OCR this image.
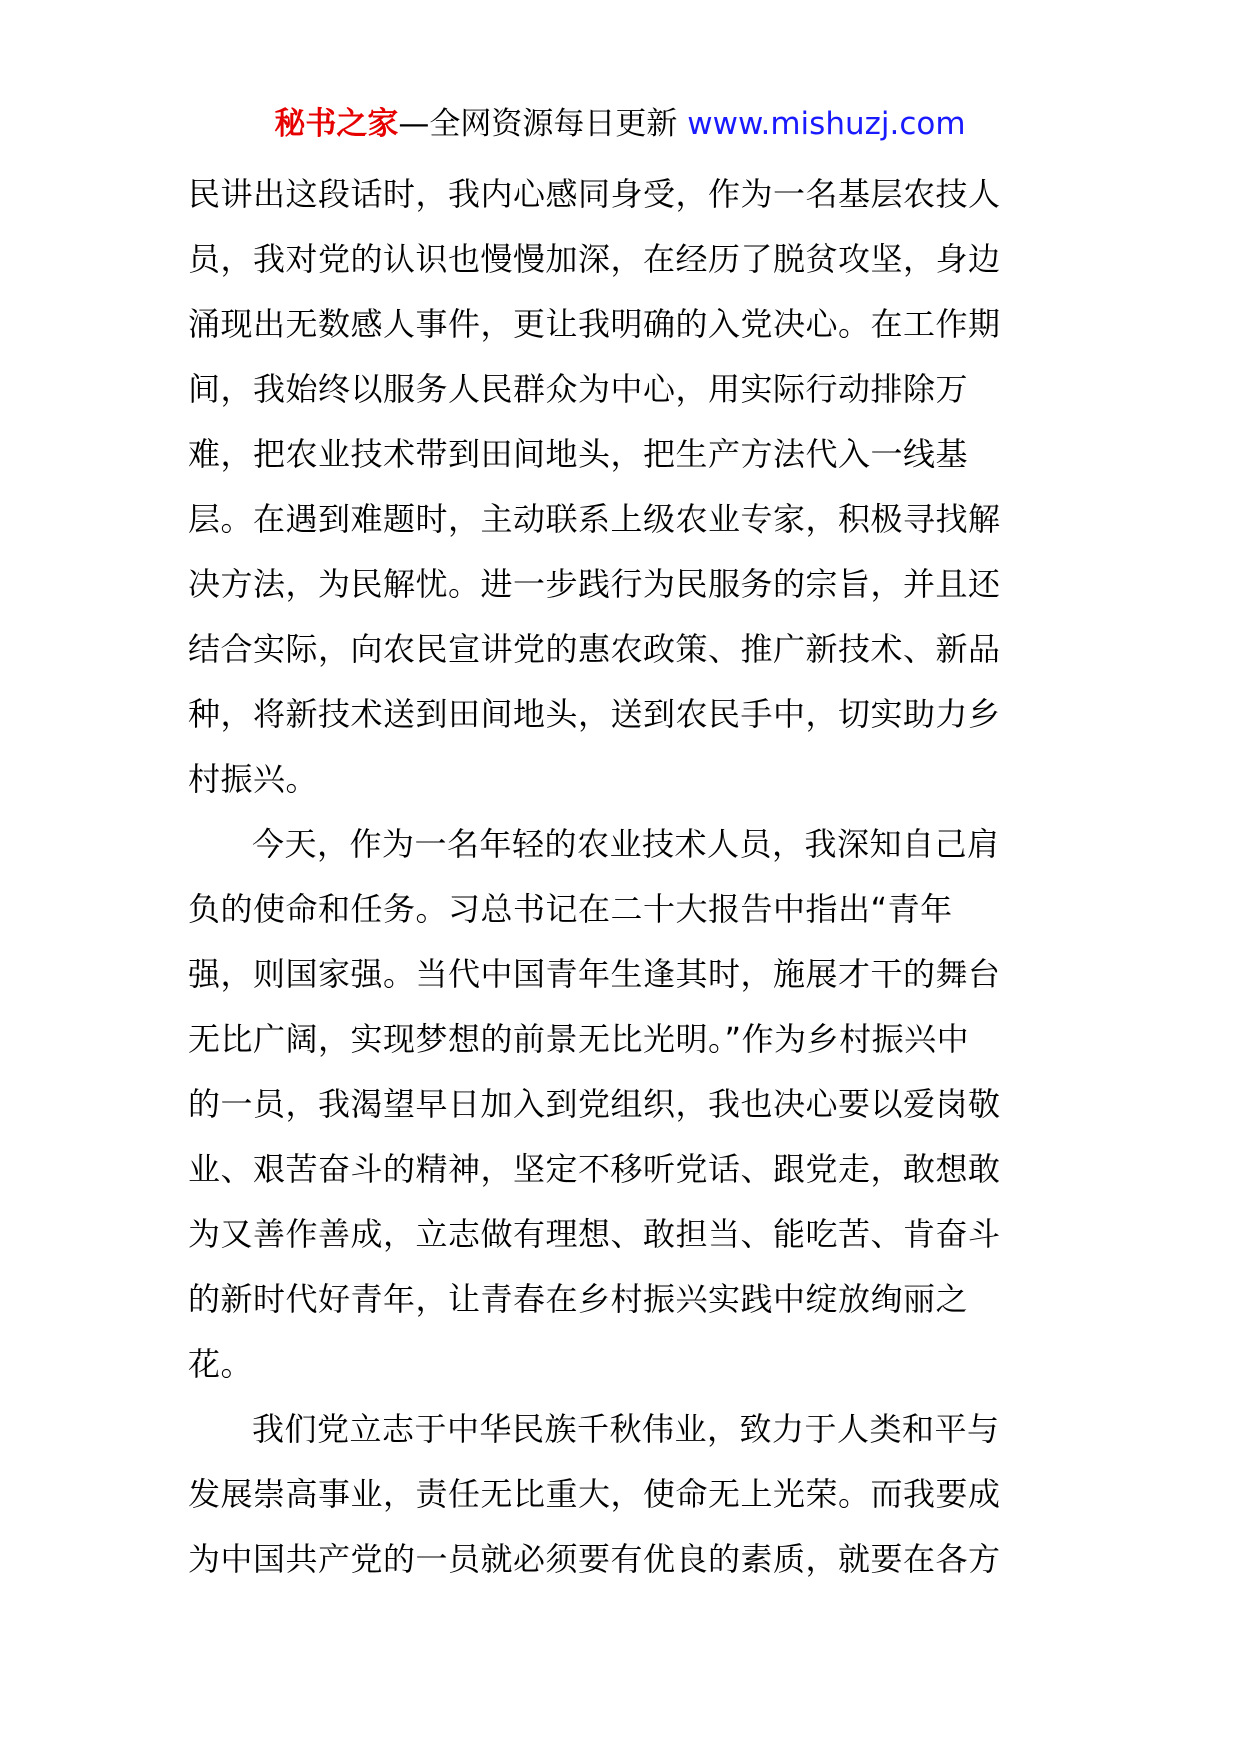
秘书之家—全网资源每日更新 www.mishuzj.com

民讲出这段话时，我内心感同身受，作为一名基层农技人
员，我对党的认识也慢慢加深，在经历了脱贫攻坚，身边
涌现出无数感人事件，更让我明确的入党决心。在工作期
间，我始终以服务人民群众为中心，用实际行动排除万
难，把农业技术带到田间地头，把生产方法代入一线基
层。在遇到难题时，主动联系上级农业专家，积极寻找解
决方法，为民解忧。进一步践行为民服务的宗旨，并且还
结合实际，向农民宣讲党的惠农政策、推广新技术、新品
种，将新技术送到田间地头，送到农民手中，切实助力乡
村振兴。

今天，作为一名年轻的农业技术人员，我深知自己肩
负的使命和任务。习总书记在二十大报告中指出“青年
强，则国家强。当代中国青年生逢其时，施展才干的舞台
无比广阔，实现梦想的前景无比光明。”作为乡村振兴中
的一员，我渴望早日加入到党组织，我也决心要以爱岗敬
业、艰苦奋斗的精神，坚定不移听党话、跟党走，敢想敢
为又善作善成，立志做有理想、敢担当、能吃苦、肯奋斗
的新时代好青年，让青春在乡村振兴实践中绽放绚丽之
花。

我们党立志于中华民族千秋伟业，致力于人类和平与
发展崇高事业，责任无比重大，使命无上光荣。而我要成
为中国共产党的一员就必须要有优良的素质，就要在各方
